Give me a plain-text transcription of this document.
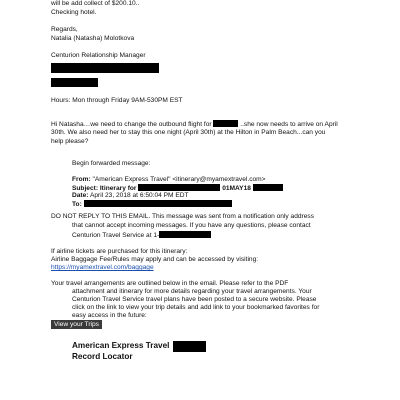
will be add collect of $200.10..
Checking hotel.
Regards,
Natalia (Natasha) Molotkova
Centurion Relationship Manager
Hours: Mon through Friday 9AM-530PM EST
Hi Natasha…we need to change the outbound flight for	..she now needs to arrive on April
30th. We also need her to stay this one night (April 30th) at the Hilton in Palm Beach...can you
help please?
Begin forwarded message:
From: "American Express Travel" <itinerary@myamextravel.com>
Subject: Itinerary for	01MAY18
Date: April 23, 2018 at 6:50:04 PM EDT
To:
DO NOT REPLY TO THIS EMAIL. This message was sent from a notification only address
that cannot accept incoming messages. If you have any questions, please contact
Centurion Travel Service at 1-
If airline tickets are purchased for this itinerary:
Airline Baggage Fee/Rules may apply and can be accessed by visiting:
https://myamextravel.com/baggage
Your travel arrangements are outlined below in the email. Please refer to the PDF
attachment and itinerary for more details regarding your travel arrangements. Your
Centurion Travel Service travel plans have been posted to a secure website. Please
click on the link to view your trip details and add link to your bookmarked favorites for
easy access in the future:
View your Trips
American Express Travel
Record Locator
